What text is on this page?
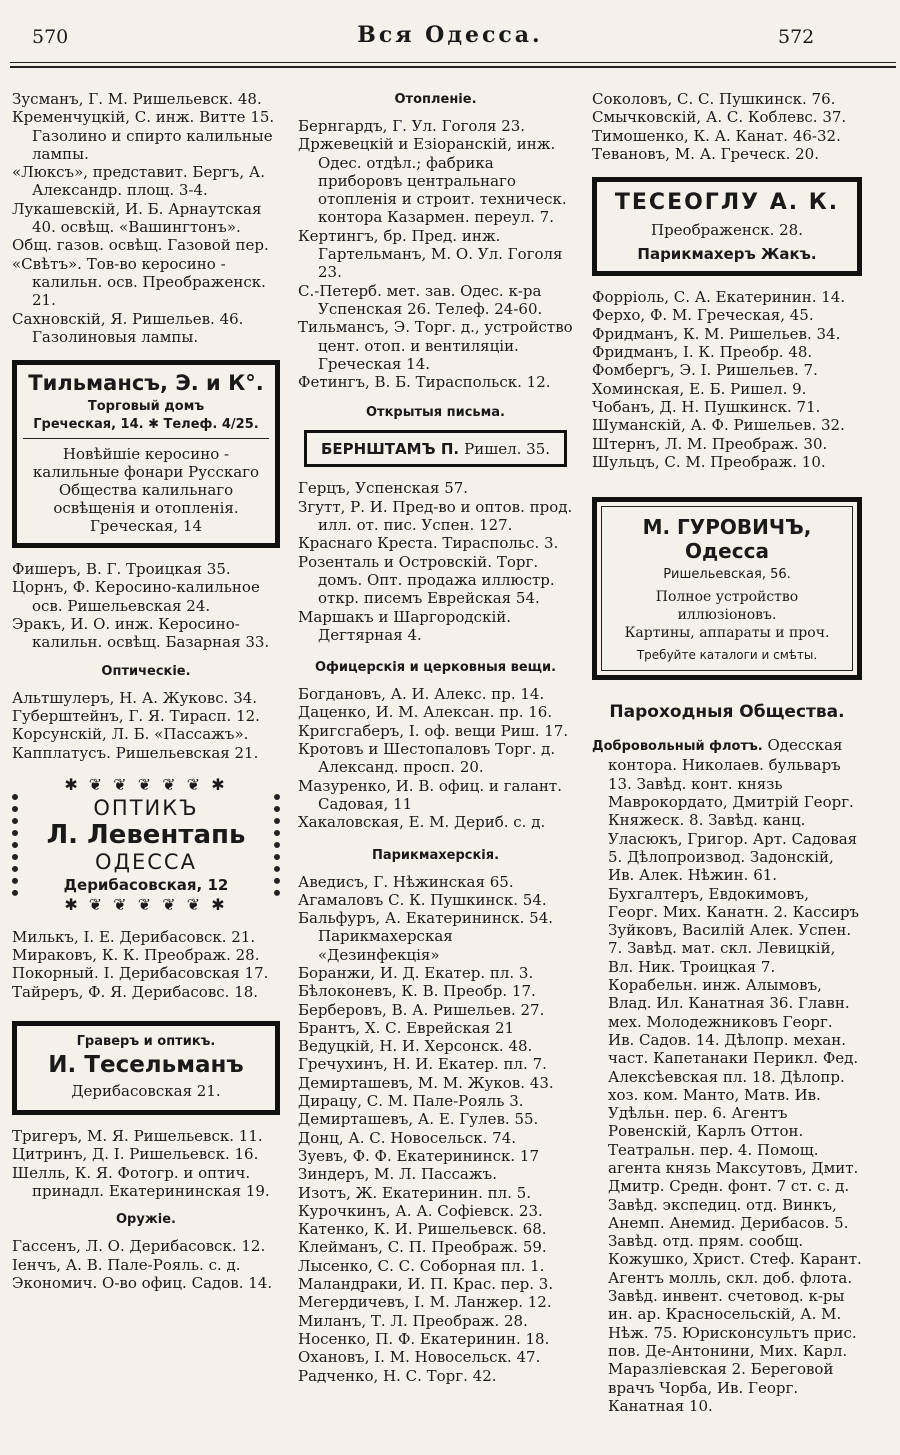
570	Вся Одесса.	572

Зусманъ, Г. М. Ришельевск. 48.

Кременчуцкій, С. инж. Витте 15. Газолино и спирто калильные лампы.

«Люксъ», представит. Бергъ, А. Александр. площ. 3-4.

Лукашевскій, И. Б. Арнаутская 40. освѣщ. «Вашингтонъ».

Общ. газов. освѣщ. Газовой пер.

«Свѣтъ». Тов-во керосино - калильн. осв. Преображенск. 21.

Сахновскій, Я. Ришельев. 46. Газолиновыя лампы.

Тильмансъ, Э. и К°.
Торговый домъ
Греческая, 14. ✱ Телеф. 4/25.
Новѣйшіе керосино - калильные фонари Русскаго Общества калильнаго освѣщенія и отопленія. Греческая, 14

Фишеръ, В. Г. Троицкая 35.

Цорнъ, Ф. Керосино-калильное осв. Ришельевская 24.

Эракъ, И. О. инж. Керосино-калильн. освѣщ. Базарная 33.

Оптическіе.

Альтшулеръ, Н. А. Жуковс. 34.

Губерштейнъ, Г. Я. Тирасп. 12.

Корсунскій, Л. Б. «Пассажъ».

Капплатусъ. Ришельевская 21.

✱ ❦ ❦ ❦ ❦ ❦ ✱
ОПТИКЪ
Л. Левентапь
ОДЕССА
Дерибасовская, 12
✱ ❦ ❦ ❦ ❦ ❦ ✱

Милькъ, І. Е. Дерибасовск. 21.

Мираковъ, К. К. Преображ. 28.

Покорный. І. Дерибасовская 17.

Тайреръ, Ф. Я. Дерибасовс. 18.

Граверъ и оптикъ.
И. Тесельманъ
Дерибасовская 21.

Тригеръ, М. Я. Ришельевск. 11.

Цитринъ, Д. І. Ришельевск. 16.

Шелль, К. Я. Фотогр. и оптич. принадл. Екатерининская 19.

Оружіе.

Гассенъ, Л. О. Дерибасовск. 12.

Іенчъ, А. В. Пале-Рояль. с. д.

Экономич. О-во офиц. Садов. 14.

Отопленіе.

Бернгардъ, Г. Ул. Гоголя 23.

Држевецкій и Езіоранскій, инж. Одес. отдѣл.; фабрика приборовъ центральнаго отопленія и строит. техническ. контора Казармен. переул. 7.

Кертингъ, бр. Пред. инж. Гартельманъ, М. О. Ул. Гоголя 23.

С.-Петерб. мет. зав. Одес. к-ра Успенская 26. Телеф. 24-60.

Тильмансъ, Э. Торг. д., устройство цент. отоп. и вентиляціи. Греческая 14.

Фетингъ, В. Б. Тираспольск. 12.

Открытыя письма.
БЕРНШТАМЪ П. Ришел. 35.

Герцъ, Успенская 57.

Згутт, Р. И. Пред-во и оптов. прод. илл. от. пис. Успен. 127.

Краснаго Креста. Тираспольс. 3.

Розенталь и Островскій. Торг. домъ. Опт. продажа иллюстр. откр. писемъ Еврейская 54.

Маршакъ и Шаргородскій. Дегтярная 4.

Офицерскія и церковныя вещи.

Богдановъ, А. И. Алекс. пр. 14.

Даценко, И. М. Алексан. пр. 16.

Кригсгаберъ, І. оф. вещи Риш. 17.

Кротовъ и Шестопаловъ Торг. д. Александ. просп. 20.

Мазуренко, И. В. офиц. и галант. Садовая, 11

Хакаловская, Е. М. Дериб. с. д.

Парикмахерскія.

Аведисъ, Г. Нѣжинская 65.

Агамаловъ С. К. Пушкинск. 54.

Бальфуръ, А. Екатерининск. 54. Парикмахерская «Дезинфекція»

Боранжи, И. Д. Екатер. пл. 3.

Бѣлоконевъ, К. В. Преобр. 17.

Берберовъ, В. А. Ришельев. 27.

Брантъ, Х. С. Еврейская 21

Ведуцкій, Н. И. Херсонск. 48.

Гречухинъ, Н. И. Екатер. пл. 7.

Демирташевъ, М. М. Жуков. 43.

Дирацу, С. М. Пале-Рояль 3.

Демирташевъ, А. Е. Гулев. 55.

Донц, А. С. Новосельск. 74.

Зуевъ, Ф. Ф. Екатерининск. 17

Зиндеръ, М. Л. Пассажъ.

Изотъ, Ж. Екатеринин. пл. 5.

Курочкинъ, А. А. Софіевск. 23.

Катенко, К. И. Ришельевск. 68.

Клейманъ, С. П. Преображ. 59.

Лысенко, С. С. Соборная пл. 1.

Маландраки, И. П. Крас. пер. 3.

Мегердичевъ, І. М. Ланжер. 12.

Миланъ, Т. Л. Преображ. 28.

Носенко, П. Ф. Екатеринин. 18.

Охановъ, І. М. Новосельск. 47.

Радченко, Н. С. Торг. 42.

Соколовъ, С. С. Пушкинск. 76.

Смычковскій, А. С. Коблевс. 37.

Тимошенко, К. А. Канат. 46-32.

Тевановъ, М. А. Греческ. 20.

ТЕСЕОГЛУ А. К.
Преображенск. 28.
Парикмахеръ Жакъ.

Форріоль, С. А. Екатеринин. 14.

Ферхо, Ф. М. Греческая, 45.

Фридманъ, К. М. Ришельев. 34.

Фридманъ, І. К. Преобр. 48.

Фомбергъ, Э. І. Ришельев. 7.

Хоминская, Е. Б. Ришел. 9.

Чобанъ, Д. Н. Пушкинск. 71.

Шуманскій, А. Ф. Ришельев. 32.

Штернъ, Л. М. Преображ. 30.

Шульцъ, С. М. Преображ. 10.

М. ГУРОВИЧЪ, Одесса
Ришельевская, 56.
Полное устройство иллюзіоновъ.
Картины, аппараты и проч.
Требуйте каталоги и смѣты.
Пароходныя Общества.

Добровольный флотъ. Одесская контора. Николаев. бульваръ 13. Завѣд. конт. князь Маврокордато, Дмитрій Георг. Княжеск. 8. Завѣд. канц. Уласюкъ, Григор. Арт. Садовая 5. Дѣлопроизвод. Задонскій, Ив. Алек. Нѣжин. 61. Бухгалтеръ, Евдокимовъ, Георг. Мих. Канатн. 2. Кассиръ Зуйковъ, Василій Алек. Успен. 7. Завѣд. мат. скл. Левицкій, Вл. Ник. Троицкая 7. Корабельн. инж. Алымовъ, Влад. Ил. Канатная 36. Главн. мех. Молодежниковъ Георг. Ив. Садов. 14. Дѣлопр. механ. част. Капетанаки Перикл. Фед. Алексѣевская пл. 18. Дѣлопр. хоз. ком. Манто, Матв. Ив. Удѣльн. пер. 6. Агентъ Ровенскій, Карлъ Оттон. Театральн. пер. 4. Помощ. агента князь Максутовъ, Дмит. Дмитр. Средн. фонт. 7 ст. с. д. Завѣд. экспедиц. отд. Винкъ, Анемп. Анемид. Дерибасов. 5. Завѣд. отд. прям. сообщ. Кожушко, Христ. Стеф. Карант. Агентъ молль, скл. доб. флота. Завѣд. инвент. счетовод. к-ры ин. ар. Красносельскій, А. М. Нѣж. 75. Юрисконсультъ прис. пов. Де-Антонини, Мих. Карл. Маразліевская 2. Береговой врачъ Чорба, Ив. Георг. Канатная 10.
